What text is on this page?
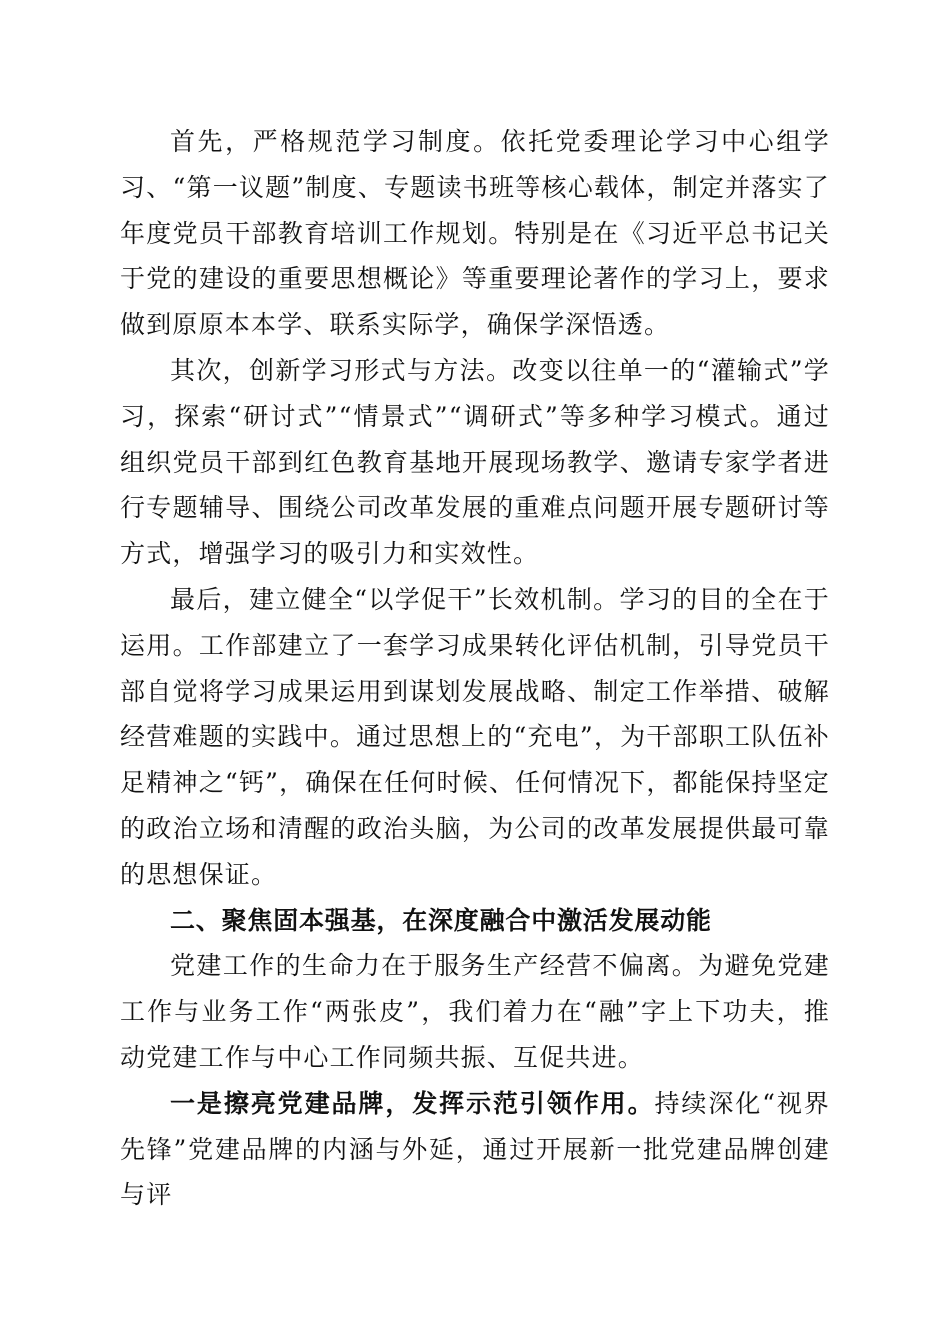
首先，严格规范学习制度。依托党委理论学习中心组学习、“第一议题”制度、专题读书班等核心载体，制定并落实了年度党员干部教育培训工作规划。特别是在《习近平总书记关于党的建设的重要思想概论》等重要理论著作的学习上，要求做到原原本本学、联系实际学，确保学深悟透。

其次，创新学习形式与方法。改变以往单一的“灌输式”学习，探索“研讨式”“情景式”“调研式”等多种学习模式。通过组织党员干部到红色教育基地开展现场教学、邀请专家学者进行专题辅导、围绕公司改革发展的重难点问题开展专题研讨等方式，增强学习的吸引力和实效性。

最后，建立健全“以学促干”长效机制。学习的目的全在于运用。工作部建立了一套学习成果转化评估机制，引导党员干部自觉将学习成果运用到谋划发展战略、制定工作举措、破解经营难题的实践中。通过思想上的“充电”，为干部职工队伍补足精神之“钙”，确保在任何时候、任何情况下，都能保持坚定的政治立场和清醒的政治头脑，为公司的改革发展提供最可靠的思想保证。

二、聚焦固本强基，在深度融合中激活发展动能

党建工作的生命力在于服务生产经营不偏离。为避免党建工作与业务工作“两张皮”，我们着力在“融”字上下功夫，推动党建工作与中心工作同频共振、互促共进。

一是擦亮党建品牌，发挥示范引领作用。持续深化“视界先锋”党建品牌的内涵与外延，通过开展新一批党建品牌创建与评
